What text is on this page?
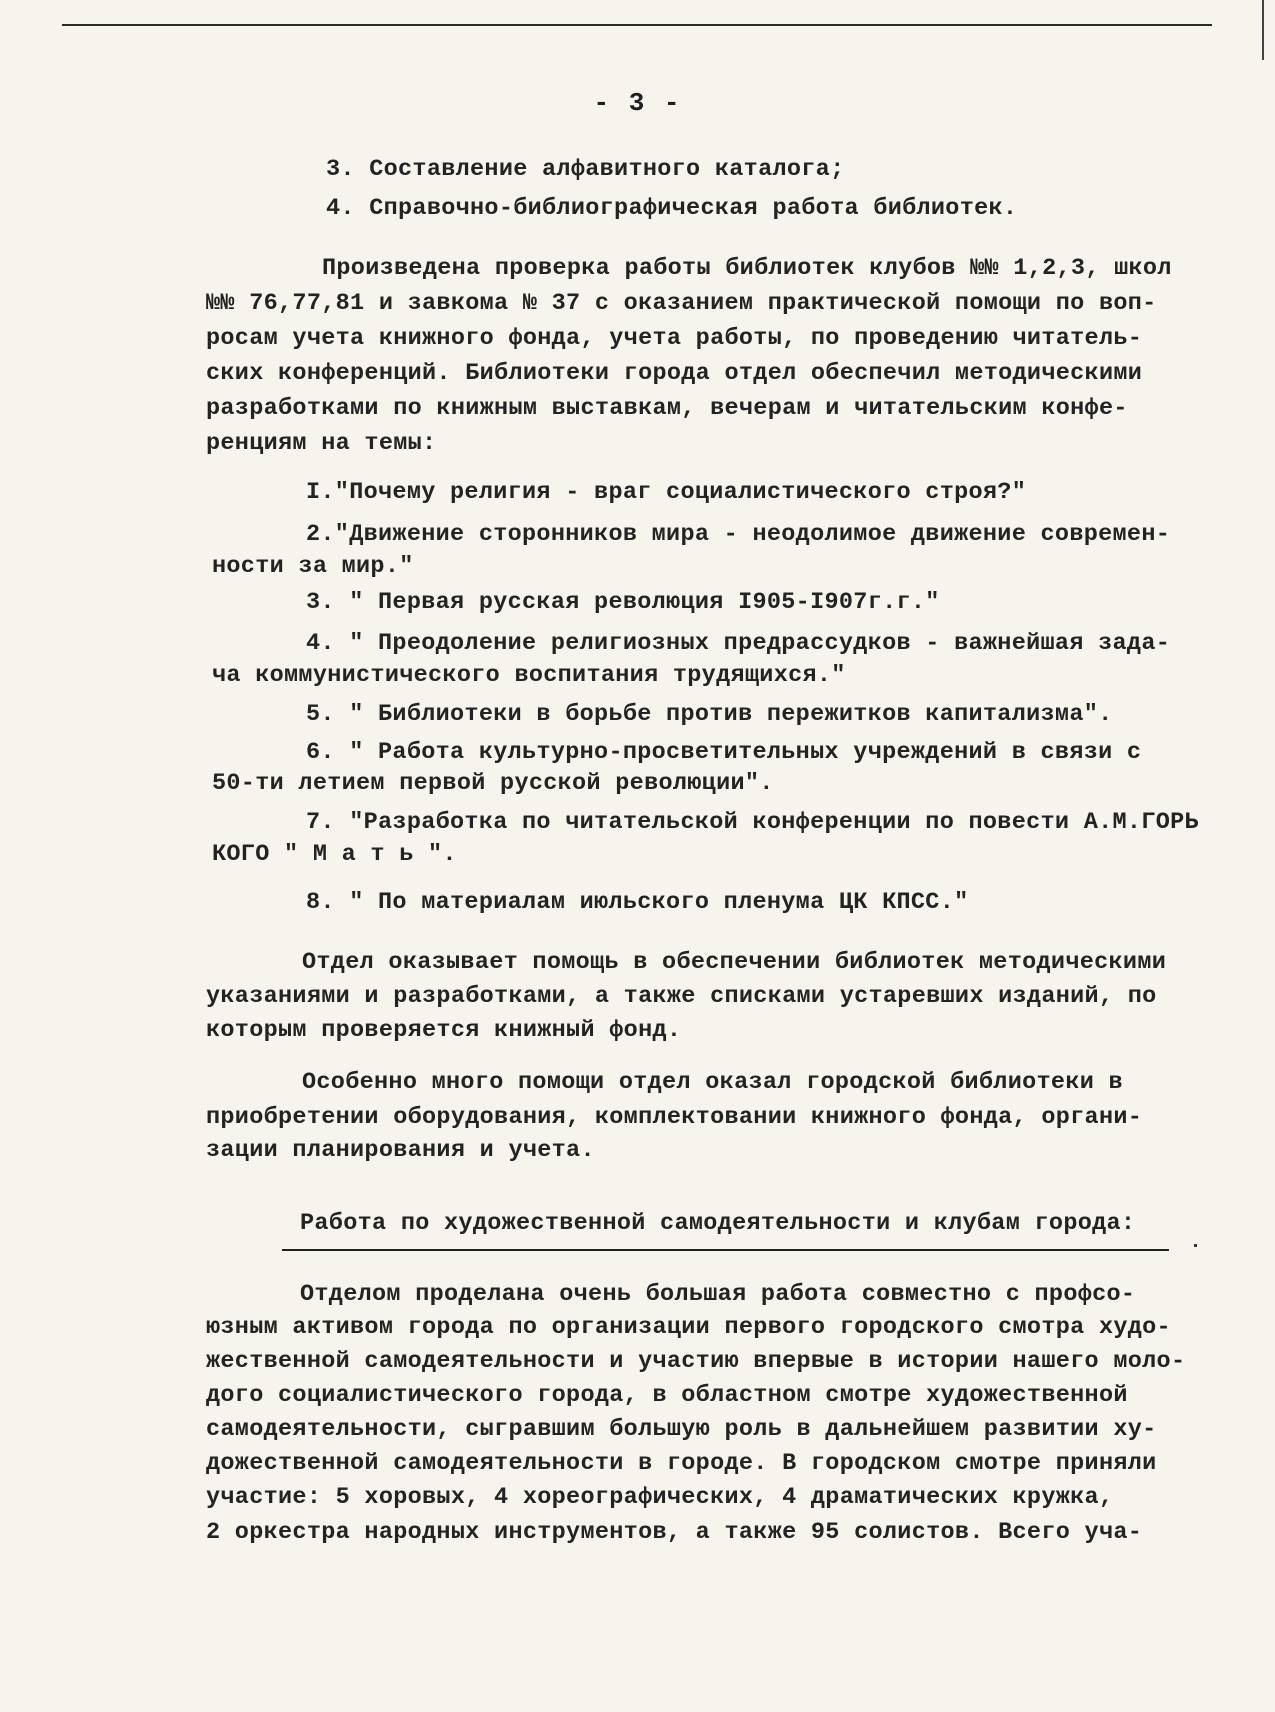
- 3 -
3. Составление алфавитного каталога;
4. Справочно-библиографическая работа библиотек.
Произведена проверка работы библиотек клубов №№ 1,2,3, школ
№№ 76,77,81 и завкома № 37 с оказанием практической помощи по воп-
росам учета книжного фонда, учета работы, по проведению читатель-
ских конференций. Библиотеки города отдел обеспечил методическими
разработками по книжным выставкам, вечерам и читательским конфе-
ренциям на темы:
I."Почему религия - враг социалистического строя?"
2."Движение сторонников мира - неодолимое движение современ-
ности за мир."
3. " Первая русская революция I905-I907г.г."
4. " Преодоление религиозных предрассудков - важнейшая зада-
ча коммунистического воспитания трудящихся."
5. " Библиотеки в борьбе против пережитков капитализма".
6. " Работа культурно-просветительных учреждений в связи с
50-ти летием первой русской революции".
7. "Разработка по читательской конференции по повести А.М.ГОРЬ
КОГО " М а т ь ".
8. " По материалам июльского пленума ЦК КПСС."
Отдел оказывает помощь в обеспечении библиотек методическими
указаниями и разработками, а также списками устаревших изданий, по
которым проверяется книжный фонд.
Особенно много помощи отдел оказал городской библиотеки в
приобретении оборудования, комплектовании книжного фонда, органи-
зации планирования и учета.
Работа по художественной самодеятельности и клубам города:
Отделом проделана очень большая работа совместно с профсо-
юзным активом города по организации первого городского смотра худо-
жественной самодеятельности и участию впервые в истории нашего моло-
дого социалистического города, в областном смотре художественной
самодеятельности, сыгравшим большую роль в дальнейшем развитии ху-
дожественной самодеятельности в городе. В городском смотре приняли
участие: 5 хоровых, 4 хореографических, 4 драматических кружка,
2 оркестра народных инструментов, а также 95 солистов. Всего уча-
